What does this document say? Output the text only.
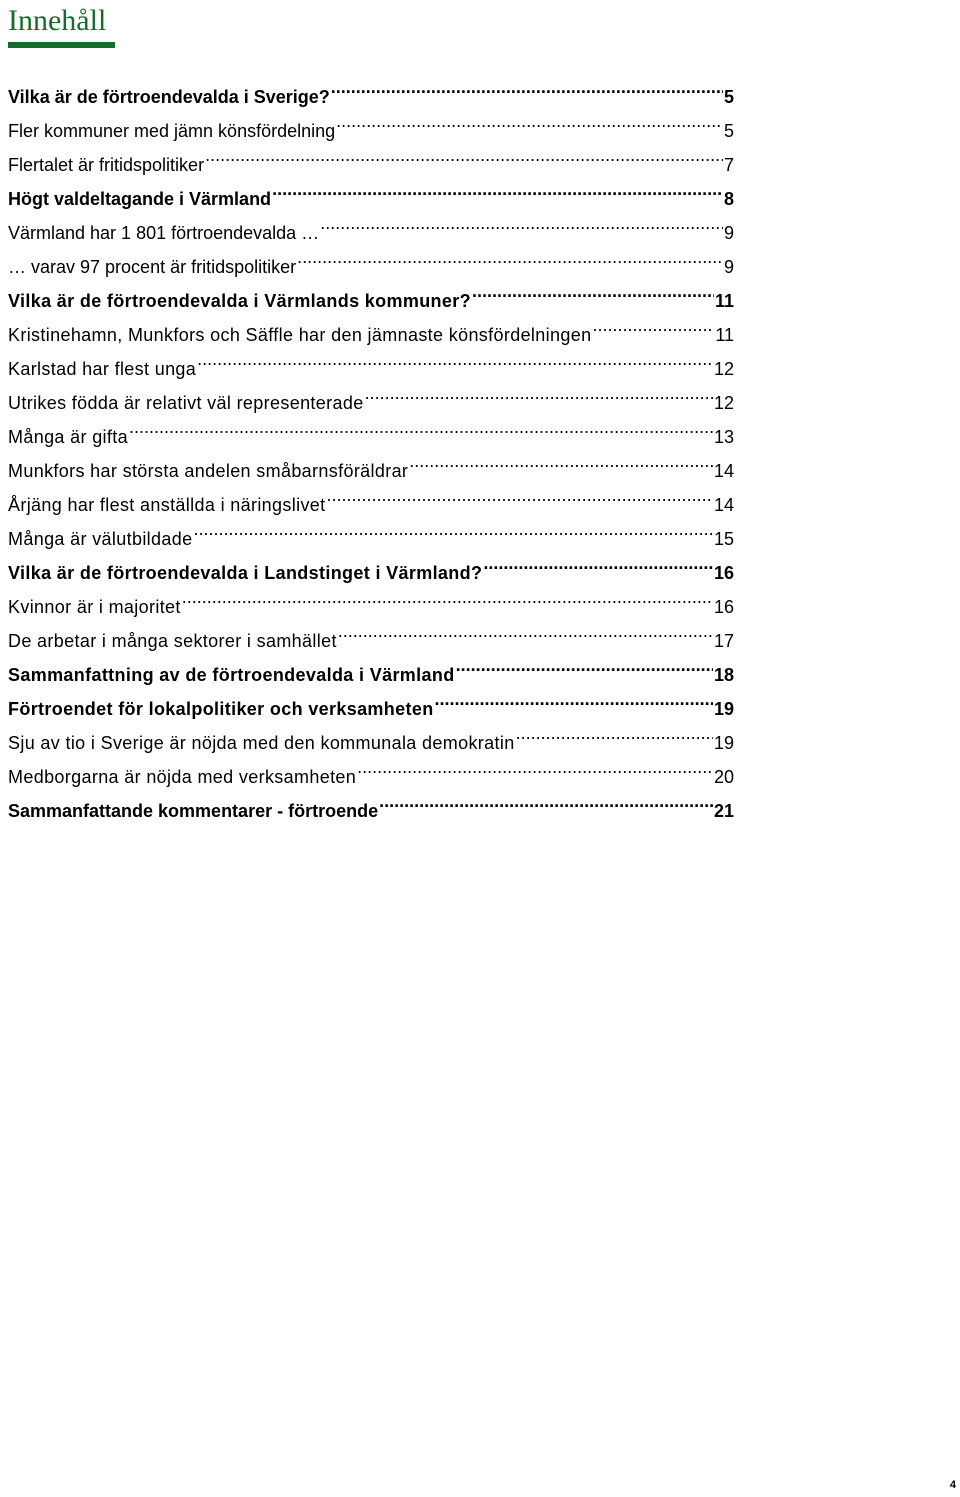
Innehåll
Vilka är de förtroendevalda i Sverige? .....	5
Fler kommuner med jämn könsfördelning .....	5
Flertalet är fritidspolitiker .....	7
Högt valdeltagande i Värmland .....	8
Värmland har 1 801 förtroendevalda … .....	9
… varav 97 procent är fritidspolitiker .....	9
Vilka är de förtroendevalda i Värmlands kommuner? .....	11
Kristinehamn, Munkfors och Säffle har den jämnaste könsfördelningen .....	11
Karlstad har flest unga .....	12
Utrikes födda är relativt väl representerade .....	12
Många är gifta .....	13
Munkfors har största andelen småbarnsföräldrar .....	14
Årjäng har flest anställda i näringslivet .....	14
Många är välutbildade .....	15
Vilka är de förtroendevalda i Landstinget i Värmland? .....	16
Kvinnor är i majoritet .....	16
De arbetar i många sektorer i samhället .....	17
Sammanfattning av de förtroendevalda i Värmland .....	18
Förtroendet för lokalpolitiker och verksamheten .....	19
Sju av tio i Sverige är nöjda med den kommunala demokratin .....	19
Medborgarna är nöjda med verksamheten .....	20
Sammanfattande kommentarer - förtroende .....	21
4
